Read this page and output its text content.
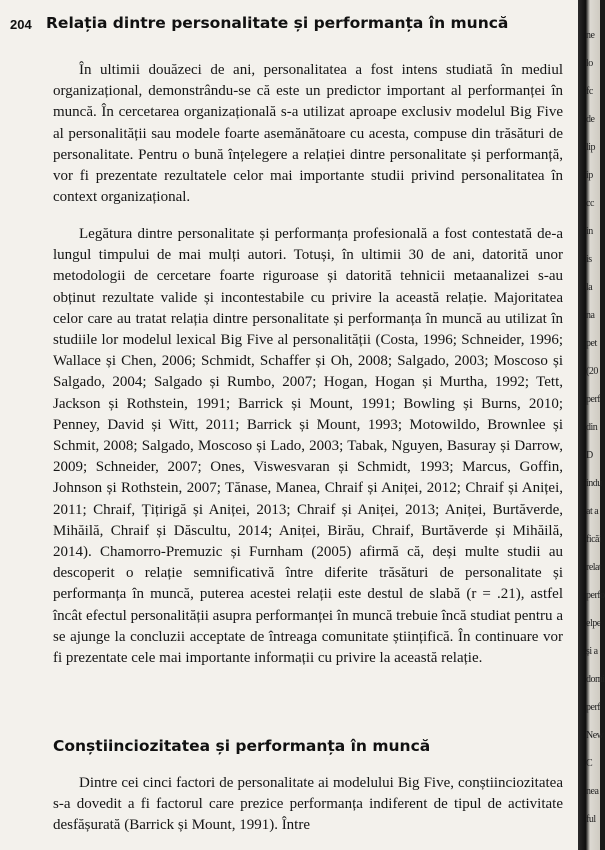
204 Relația dintre personalitate și performanța în muncă

În ultimii douăzeci de ani, personalitatea a fost intens studiată în mediul organizațional, demonstrându-se că este un predictor important al performanței în muncă. În cercetarea organizațională s-a utilizat aproape exclusiv modelul Big Five al personalității sau modele foarte asemănătoare cu acesta, compuse din trăsături de personalitate. Pentru o bună înțelegere a relației dintre personalitate și performanță, vor fi prezentate rezultatele celor mai importante studii privind personalitatea în context organizațional.

Legătura dintre personalitate și performanța profesională a fost contestată de-a lungul timpului de mai mulți autori. Totuși, în ultimii 30 de ani, datorită unor metodologii de cercetare foarte riguroase și datorită tehnicii metaanalizei s-au obținut rezultate valide și incontestabile cu privire la această relație. Majoritatea celor care au tratat relația dintre personalitate și performanța în muncă au utilizat în studiile lor modelul lexical Big Five al personalității (Costa, 1996; Schneider, 1996; Wallace și Chen, 2006; Schmidt, Schaffer și Oh, 2008; Salgado, 2003; Moscoso și Salgado, 2004; Salgado și Rumbo, 2007; Hogan, Hogan și Murtha, 1992; Tett, Jackson și Rothstein, 1991; Barrick și Mount, 1991; Bowling și Burns, 2010; Penney, David și Witt, 2011; Barrick și Mount, 1993; Motowildo, Brownlee și Schmit, 2008; Salgado, Moscoso și Lado, 2003; Tabak, Nguyen, Basuray și Darrow, 2009; Schneider, 2007; Ones, Viswesvaran și Schmidt, 1993; Marcus, Goffin, Johnson și Rothstein, 2007; Tănase, Manea, Chraif și Aniței, 2012; Chraif și Aniței, 2011; Chraif, Țițirigă și Aniței, 2013; Chraif și Aniței, 2013; Aniței, Burtăverde, Mihăilă, Chraif și Dăscultu, 2014; Aniței, Birău, Chraif, Burtăverde și Mihăilă, 2014). Chamorro-Premuzic și Furnham (2005) afirmă că, deși multe studii au descoperit o relație semnificativă între diferite trăsături de personalitate și performanța în muncă, puterea acestei relații este destul de slabă (r = .21), astfel încât efectul personalității asupra performanței în muncă trebuie încă studiat pentru a se ajunge la concluzii acceptate de întreaga comunitate științifică. În continuare vor fi prezentate cele mai importante informații cu privire la această relație.

Conștiinciozitatea și performanța în muncă

Dintre cei cinci factori de personalitate ai modelului Big Five, conștiinciozitatea s-a dovedit a fi factorul care prezice performanța indiferent de tipul de activitate desfășurată (Barrick și Mount, 1991). Între

ne
lo
fc
de
lip
ip
cc
in
is
la
na
pet
(20
perf
din
D
indu
at a
ficăi
relat
perfo
elpe
și a
domi
perf
New
C
nea
ful
